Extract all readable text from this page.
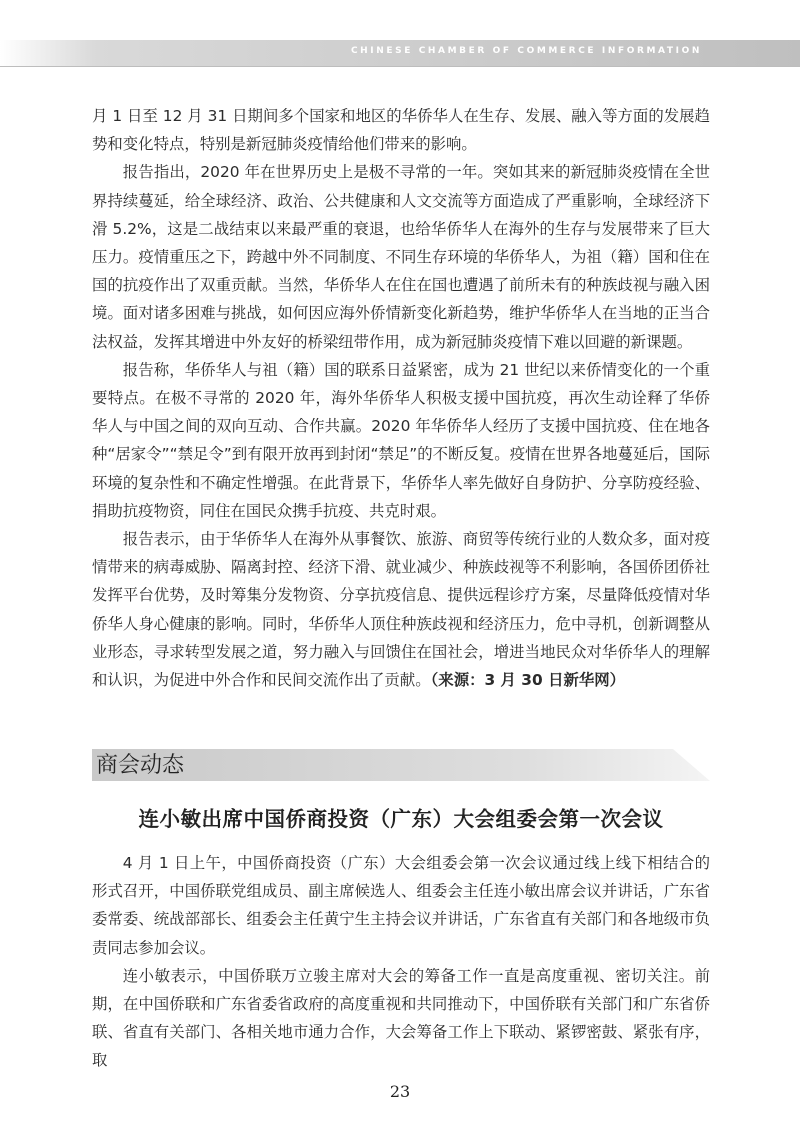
CHINESE CHAMBER OF COMMERCE INFORMATION

月 1 日至 12 月 31 日期间多个国家和地区的华侨华人在生存、发展、融入等方面的发展趋势和变化特点，特别是新冠肺炎疫情给他们带来的影响。

报告指出，2020 年在世界历史上是极不寻常的一年。突如其来的新冠肺炎疫情在全世界持续蔓延，给全球经济、政治、公共健康和人文交流等方面造成了严重影响，全球经济下滑 5.2%，这是二战结束以来最严重的衰退，也给华侨华人在海外的生存与发展带来了巨大压力。疫情重压之下，跨越中外不同制度、不同生存环境的华侨华人，为祖（籍）国和住在国的抗疫作出了双重贡献。当然，华侨华人在住在国也遭遇了前所未有的种族歧视与融入困境。面对诸多困难与挑战，如何因应海外侨情新变化新趋势，维护华侨华人在当地的正当合法权益，发挥其增进中外友好的桥梁纽带作用，成为新冠肺炎疫情下难以回避的新课题。

报告称，华侨华人与祖（籍）国的联系日益紧密，成为 21 世纪以来侨情变化的一个重要特点。在极不寻常的 2020 年，海外华侨华人积极支援中国抗疫，再次生动诠释了华侨华人与中国之间的双向互动、合作共赢。2020 年华侨华人经历了支援中国抗疫、住在地各种“居家令”“禁足令”到有限开放再到封闭“禁足”的不断反复。疫情在世界各地蔓延后，国际环境的复杂性和不确定性增强。在此背景下，华侨华人率先做好自身防护、分享防疫经验、捐助抗疫物资，同住在国民众携手抗疫、共克时艰。

报告表示，由于华侨华人在海外从事餐饮、旅游、商贸等传统行业的人数众多，面对疫情带来的病毒威胁、隔离封控、经济下滑、就业减少、种族歧视等不利影响，各国侨团侨社发挥平台优势，及时筹集分发物资、分享抗疫信息、提供远程诊疗方案，尽量降低疫情对华侨华人身心健康的影响。同时，华侨华人顶住种族歧视和经济压力，危中寻机，创新调整从业形态，寻求转型发展之道，努力融入与回馈住在国社会，增进当地民众对华侨华人的理解和认识，为促进中外合作和民间交流作出了贡献。（来源：3 月 30 日新华网）

商会动态
连小敏出席中国侨商投资（广东）大会组委会第一次会议

4 月 1 日上午，中国侨商投资（广东）大会组委会第一次会议通过线上线下相结合的形式召开，中国侨联党组成员、副主席候选人、组委会主任连小敏出席会议并讲话，广东省委常委、统战部部长、组委会主任黄宁生主持会议并讲话，广东省直有关部门和各地级市负责同志参加会议。

连小敏表示，中国侨联万立骏主席对大会的筹备工作一直是高度重视、密切关注。前期，在中国侨联和广东省委省政府的高度重视和共同推动下，中国侨联有关部门和广东省侨联、省直有关部门、各相关地市通力合作，大会筹备工作上下联动、紧锣密鼓、紧张有序，取

23
